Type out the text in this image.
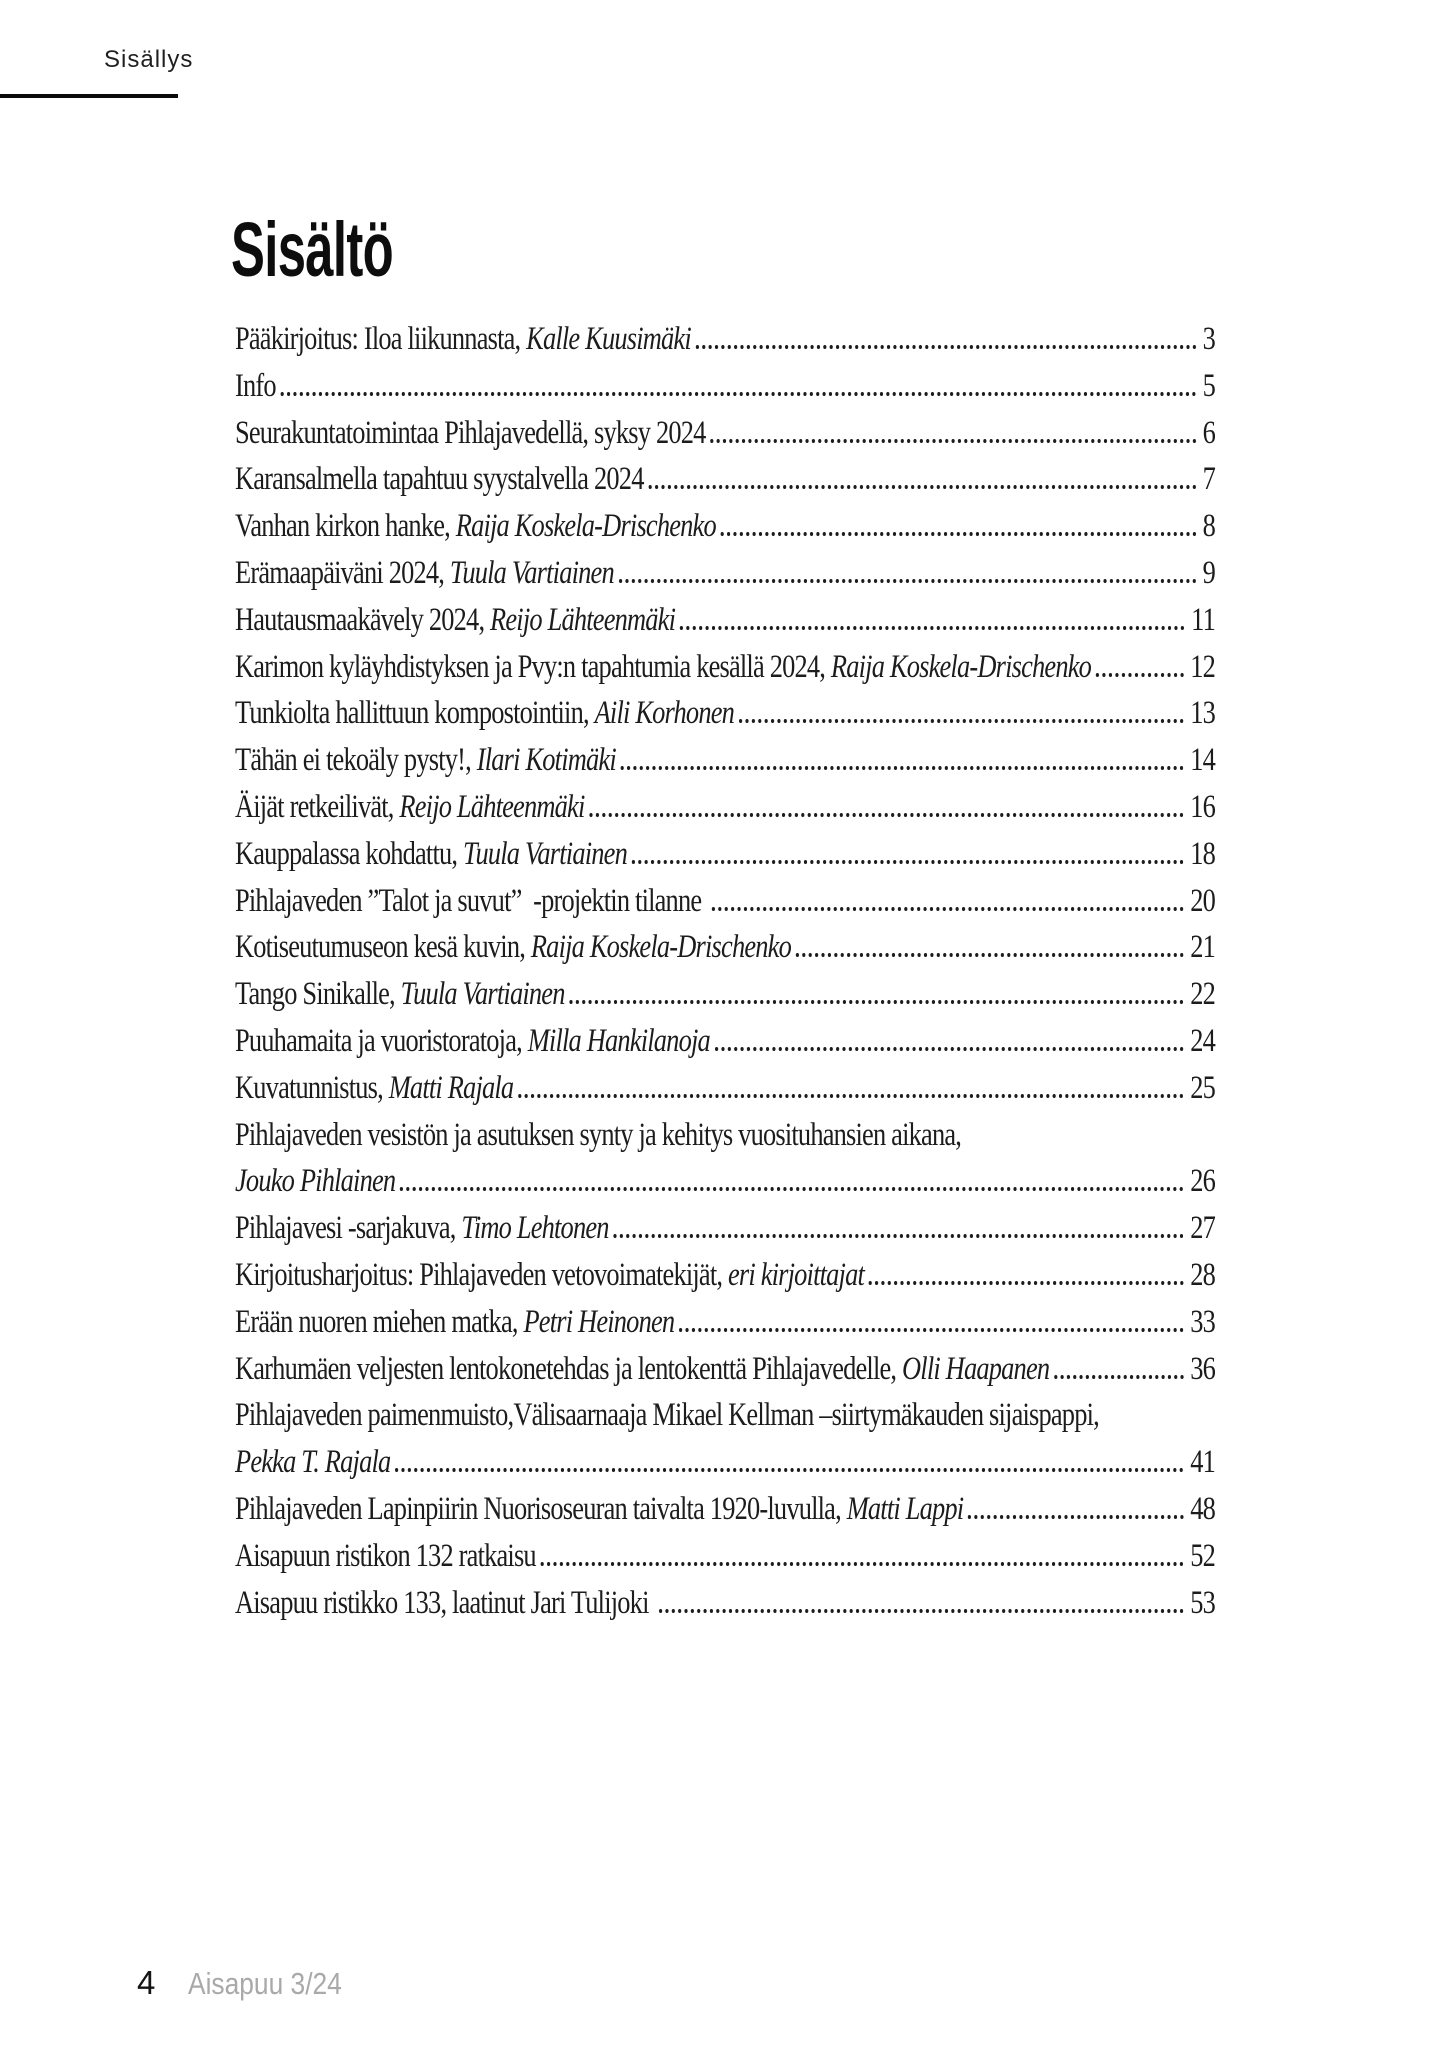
Sisällys
Sisältö
Pääkirjoitus: Iloa liikunnasta, Kalle Kuusimäki	3
Info	5
Seurakuntatoimintaa Pihlajavedellä, syksy 2024	6
Karansalmella tapahtuu syystalvella 2024	7
Vanhan kirkon hanke, Raija Koskela-Drischenko	8
Erämaapäiväni 2024, Tuula Vartiainen	9
Hautausmaakävely 2024, Reijo Lähteenmäki	11
Karimon kyläyhdistyksen ja Pvy:n tapahtumia kesällä 2024, Raija Koskela-Drischenko	12
Tunkiolta hallittuun kompostointiin, Aili Korhonen	13
Tähän ei tekoäly pysty!, Ilari Kotimäki	14
Äijät retkeilivät, Reijo Lähteenmäki	16
Kauppalassa kohdattu, Tuula Vartiainen	18
Pihlajaveden ”Talot ja suvut”  -projektin tilanne	20
Kotiseutumuseon kesä kuvin, Raija Koskela-Drischenko	21
Tango Sinikalle, Tuula Vartiainen	22
Puuhamaita ja vuoristoratoja, Milla Hankilanoja	24
Kuvatunnistus, Matti Rajala	25
Pihlajaveden vesistön ja asutuksen synty ja kehitys vuosituhansien aikana,
Jouko Pihlainen	26
Pihlajavesi -sarjakuva, Timo Lehtonen	27
Kirjoitusharjoitus: Pihlajaveden vetovoimatekijät, eri kirjoittajat	28
Erään nuoren miehen matka, Petri Heinonen	33
Karhumäen veljesten lentokonetehdas ja lentokenttä Pihlajavedelle, Olli Haapanen	36
Pihlajaveden paimenmuisto,Välisaarnaaja Mikael Kellman –siirtymäkauden sijaispappi,
Pekka T. Rajala	41
Pihlajaveden Lapinpiirin Nuorisoseuran taivalta 1920-luvulla, Matti Lappi	48
Aisapuun ristikon 132 ratkaisu	52
Aisapuu ristikko 133, laatinut Jari Tulijoki	53
4 Aisapuu 3/24
